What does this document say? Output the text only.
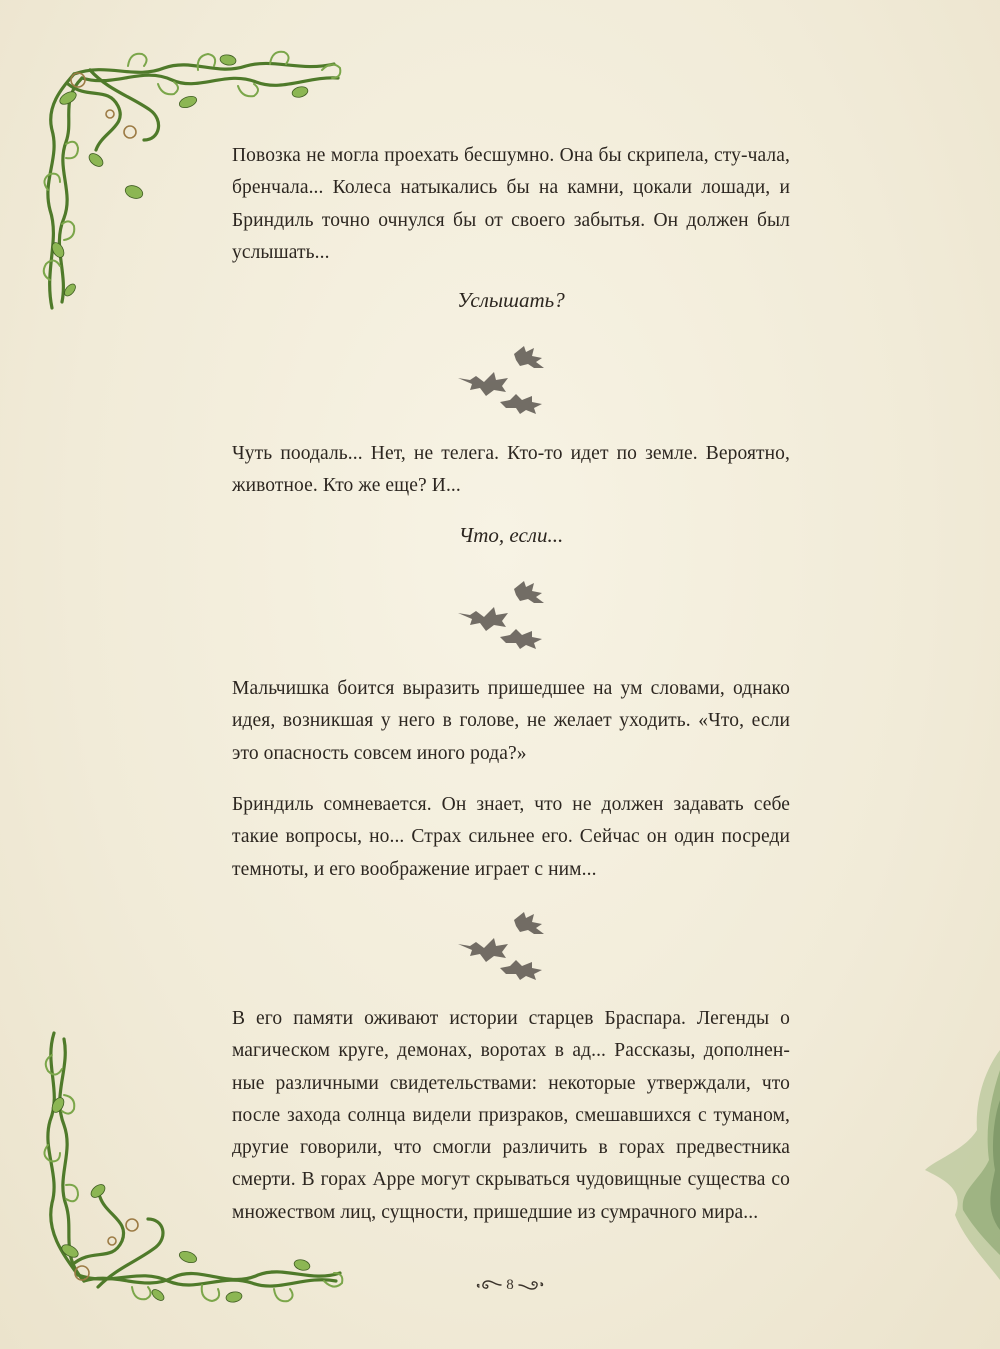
Повозка не могла проехать бесшумно. Она бы скрипела, сту-чала, бренчала... Колеса натыкались бы на камни, цокали лошади, и Бриндиль точно очнулся бы от своего забытья. Он должен был услышать...

Услышать?

Чуть поодаль... Нет, не телега. Кто-то идет по земле. Вероятно, животное. Кто же еще? И...

Что, если...

Мальчишка боится выразить пришедшее на ум словами, однако идея, возникшая у него в голове, не желает уходить. «Что, если это опасность совсем иного рода?»

Бриндиль сомневается. Он знает, что не должен задавать себе такие вопросы, но... Страх сильнее его. Сейчас он один посреди темноты, и его воображение играет с ним...

В его памяти оживают истории старцев Браспара. Легенды о магическом круге, демонах, воротах в ад... Рассказы, дополнен-ные различными свидетельствами: некоторые утверждали, что после захода солнца видели призраков, смешавшихся с туманом, другие говорили, что смогли различить в горах предвестника смерти. В горах Арре могут скрываться чудовищные существа со множеством лиц, сущности, пришедшие из сумрачного мира...

8
